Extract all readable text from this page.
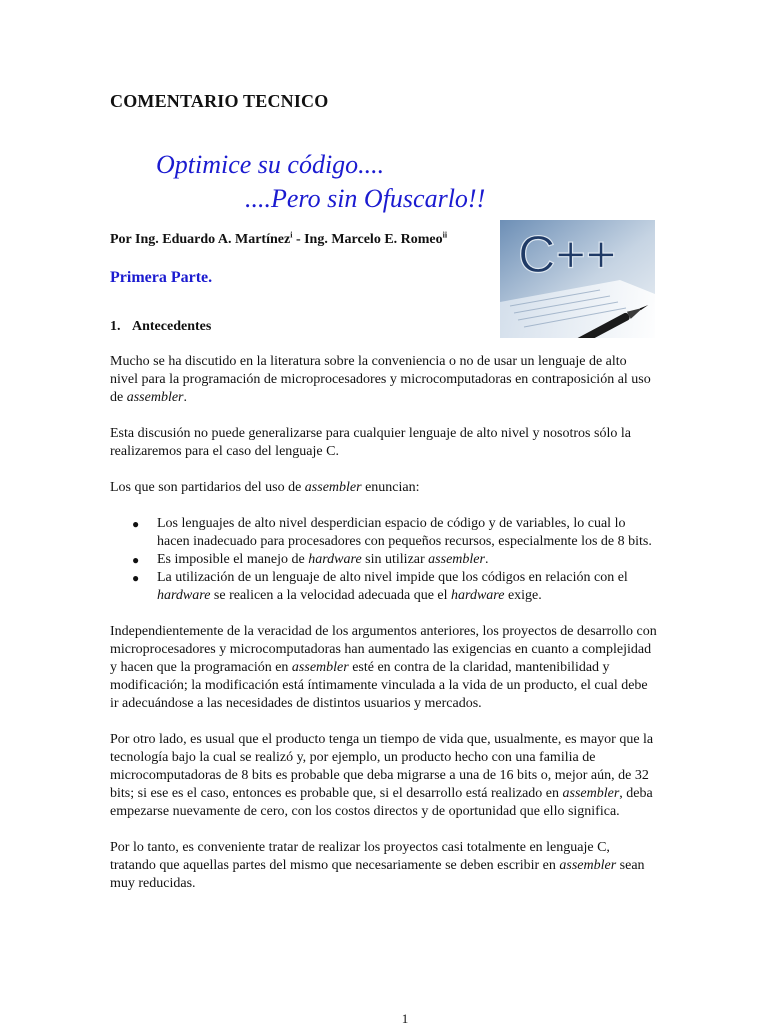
COMENTARIO TECNICO
Optimice su código....
....Pero sin Ofuscarlo!!
Por Ing. Eduardo A. Martínez$^i$ - Ing. Marcelo E. Romeo$^{ii}$
Primera Parte.	C++
1. Antecedentes

Mucho se ha discutido en la literatura sobre la conveniencia o no de usar un lenguaje de alto nivel para la programación de microprocesadores y microcomputadoras en contraposición al uso de assembler.

Esta discusión no puede generalizarse para cualquier lenguaje de alto nivel y nosotros sólo la realizaremos para el caso del lenguaje C.

Los que son partidarios del uso de assembler enuncian:

● Los lenguajes de alto nivel desperdician espacio de código y de variables, lo cual lo hacen inadecuado para procesadores con pequeños recursos, especialmente los de 8 bits.
● Es imposible el manejo de hardware sin utilizar assembler.
● La utilización de un lenguaje de alto nivel impide que los códigos en relación con el hardware se realicen a la velocidad adecuada que el hardware exige.

Independientemente de la veracidad de los argumentos anteriores, los proyectos de desarrollo con microprocesadores y microcomputadoras han aumentado las exigencias en cuanto a complejidad y hacen que la programación en assembler esté en contra de la claridad, mantenibilidad y modificación; la modificación está íntimamente vinculada a la vida de un producto, el cual debe ir adecuándose a las necesidades de distintos usuarios y mercados.

Por otro lado, es usual que el producto tenga un tiempo de vida que, usualmente, es mayor que la tecnología bajo la cual se realizó y, por ejemplo, un producto hecho con una familia de microcomputadoras de 8 bits es probable que deba migrarse a una de 16 bits o, mejor aún, de 32 bits; si ese es el caso, entonces es probable que, si el desarrollo está realizado en assembler, deba empezarse nuevamente de cero, con los costos directos y de oportunidad que ello significa.

Por lo tanto, es conveniente tratar de realizar los proyectos casi totalmente en lenguaje C, tratando que aquellas partes del mismo que necesariamente se deben escribir en assembler sean muy reducidas.

1
